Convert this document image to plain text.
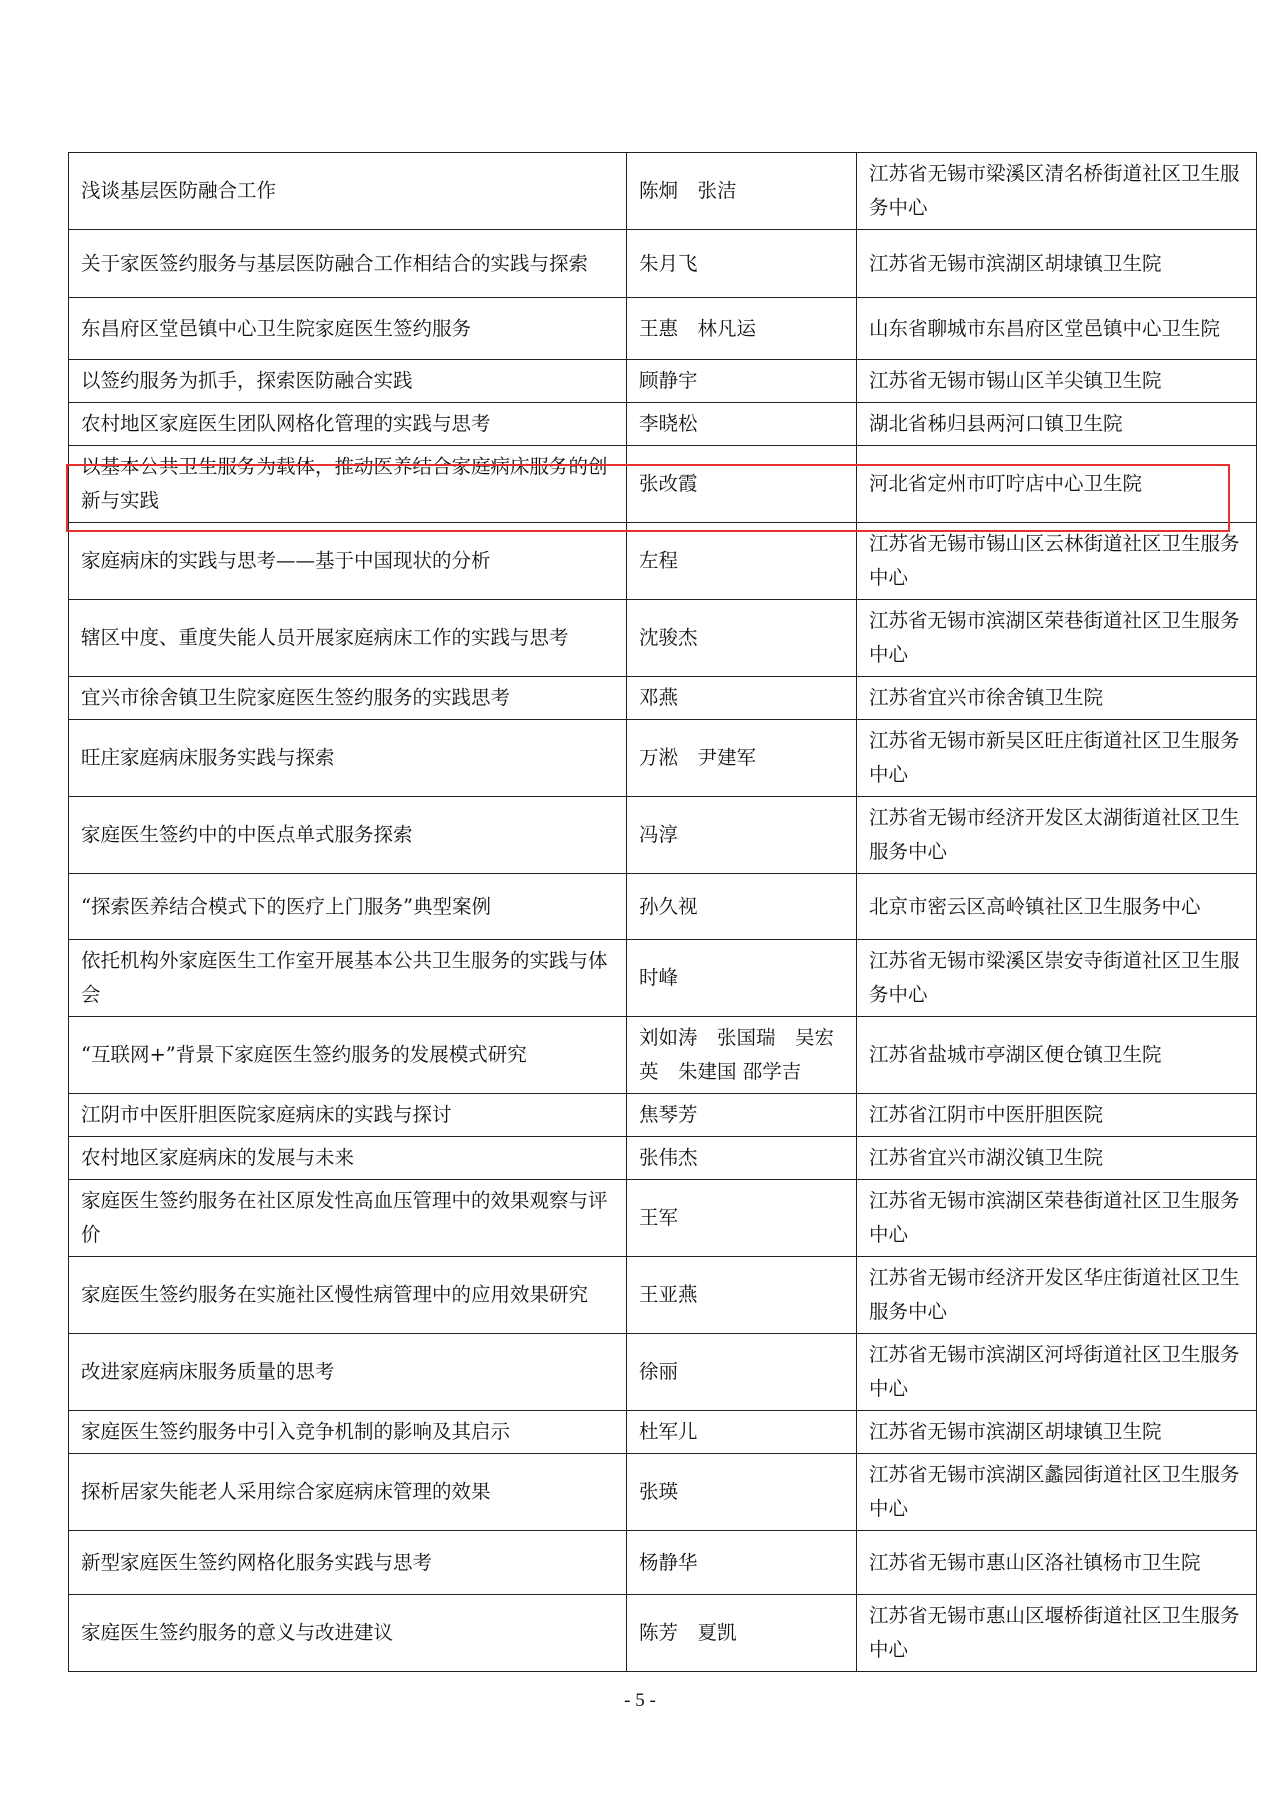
浅谈基层医防融合工作	陈炯　张洁	江苏省无锡市梁溪区清名桥街道社区卫生服务中心
关于家医签约服务与基层医防融合工作相结合的实践与探索	朱月飞	江苏省无锡市滨湖区胡埭镇卫生院
东昌府区堂邑镇中心卫生院家庭医生签约服务	王惠　林凡运	山东省聊城市东昌府区堂邑镇中心卫生院
以签约服务为抓手，探索医防融合实践	顾静宇	江苏省无锡市锡山区羊尖镇卫生院
农村地区家庭医生团队网格化管理的实践与思考	李晓松	湖北省秭归县两河口镇卫生院
以基本公共卫生服务为载体，推动医养结合家庭病床服务的创新与实践	张改霞	河北省定州市叮咛店中心卫生院
家庭病床的实践与思考——基于中国现状的分析	左程	江苏省无锡市锡山区云林街道社区卫生服务中心
辖区中度、重度失能人员开展家庭病床工作的实践与思考	沈骏杰	江苏省无锡市滨湖区荣巷街道社区卫生服务中心
宜兴市徐舍镇卫生院家庭医生签约服务的实践思考	邓燕	江苏省宜兴市徐舍镇卫生院
旺庄家庭病床服务实践与探索	万淞　尹建军	江苏省无锡市新吴区旺庄街道社区卫生服务中心
家庭医生签约中的中医点单式服务探索	冯淳	江苏省无锡市经济开发区太湖街道社区卫生服务中心
“探索医养结合模式下的医疗上门服务”典型案例	孙久视	北京市密云区高岭镇社区卫生服务中心
依托机构外家庭医生工作室开展基本公共卫生服务的实践与体会	时峰	江苏省无锡市梁溪区崇安寺街道社区卫生服务中心
“互联网+”背景下家庭医生签约服务的发展模式研究	刘如涛　张国瑞　吴宏英　朱建国 邵学吉	江苏省盐城市亭湖区便仓镇卫生院
江阴市中医肝胆医院家庭病床的实践与探讨	焦琴芳	江苏省江阴市中医肝胆医院
农村地区家庭病床的发展与未来	张伟杰	江苏省宜兴市湖㳇镇卫生院
家庭医生签约服务在社区原发性高血压管理中的效果观察与评价	王军	江苏省无锡市滨湖区荣巷街道社区卫生服务中心
家庭医生签约服务在实施社区慢性病管理中的应用效果研究	王亚燕	江苏省无锡市经济开发区华庄街道社区卫生服务中心
改进家庭病床服务质量的思考	徐丽	江苏省无锡市滨湖区河埒街道社区卫生服务中心
家庭医生签约服务中引入竞争机制的影响及其启示	杜军儿	江苏省无锡市滨湖区胡埭镇卫生院
探析居家失能老人采用综合家庭病床管理的效果	张瑛	江苏省无锡市滨湖区蠡园街道社区卫生服务中心
新型家庭医生签约网格化服务实践与思考	杨静华	江苏省无锡市惠山区洛社镇杨市卫生院
家庭医生签约服务的意义与改进建议	陈芳　夏凯	江苏省无锡市惠山区堰桥街道社区卫生服务中心
- 5 -
